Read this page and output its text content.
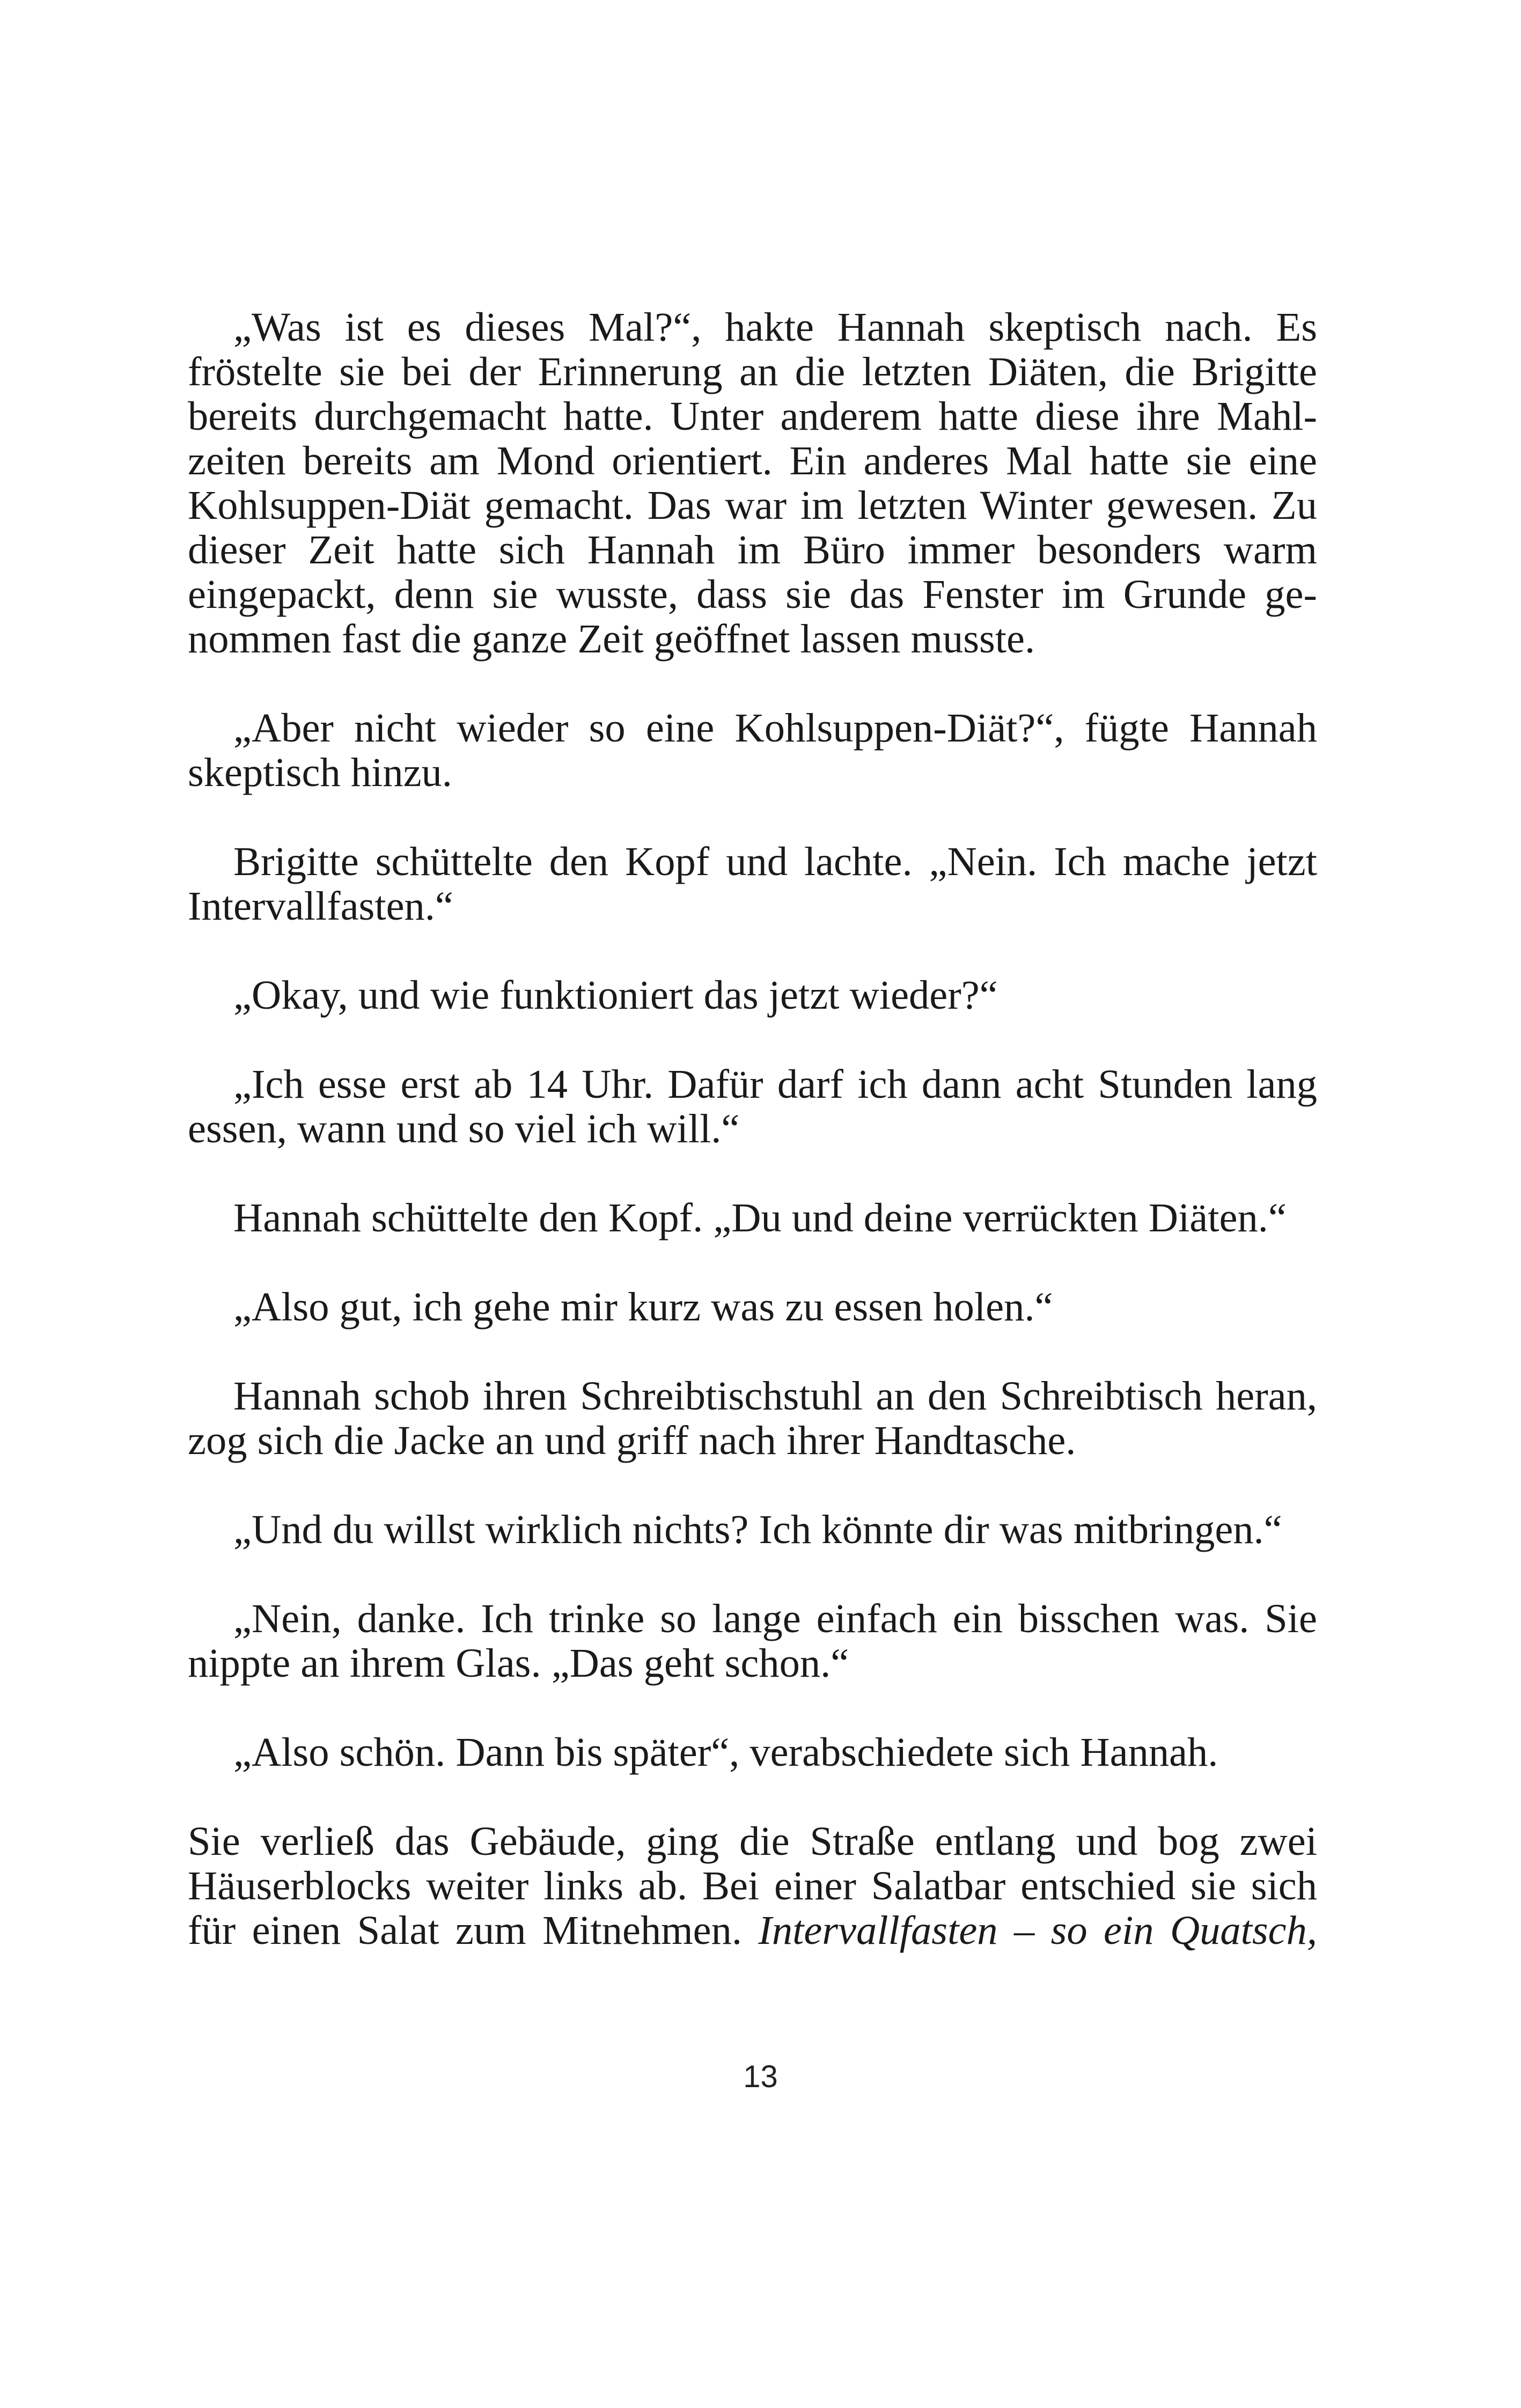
„Was ist es dieses Mal?“, hakte Hannah skeptisch nach. Es fröstelte sie bei der Erinnerung an die letzten Diäten, die Brigitte bereits durchgemacht hatte. Unter anderem hatte diese ihre Mahlzeiten bereits am Mond orientiert. Ein anderes Mal hatte sie eine Kohlsuppen-Diät gemacht. Das war im letzten Winter gewesen. Zu dieser Zeit hatte sich Hannah im Büro immer besonders warm eingepackt, denn sie wusste, dass sie das Fenster im Grunde genommen fast die ganze Zeit geöffnet lassen musste.

„Aber nicht wieder so eine Kohlsuppen-Diät?“, fügte Hannah skeptisch hinzu.

Brigitte schüttelte den Kopf und lachte. „Nein. Ich mache jetzt Intervallfasten.“

„Okay, und wie funktioniert das jetzt wieder?“

„Ich esse erst ab 14 Uhr. Dafür darf ich dann acht Stunden lang essen, wann und so viel ich will.“

Hannah schüttelte den Kopf. „Du und deine verrückten Diäten.“

„Also gut, ich gehe mir kurz was zu essen holen.“

Hannah schob ihren Schreibtischstuhl an den Schreibtisch heran, zog sich die Jacke an und griff nach ihrer Handtasche.

„Und du willst wirklich nichts? Ich könnte dir was mitbringen.“

„Nein, danke. Ich trinke so lange einfach ein bisschen was. Sie nippte an ihrem Glas. „Das geht schon.“

„Also schön. Dann bis später“, verabschiedete sich Hannah.

Sie verließ das Gebäude, ging die Straße entlang und bog zwei Häuserblocks weiter links ab. Bei einer Salatbar entschied sie sich für einen Salat zum Mitnehmen. Intervallfasten – so ein Quatsch,

13
